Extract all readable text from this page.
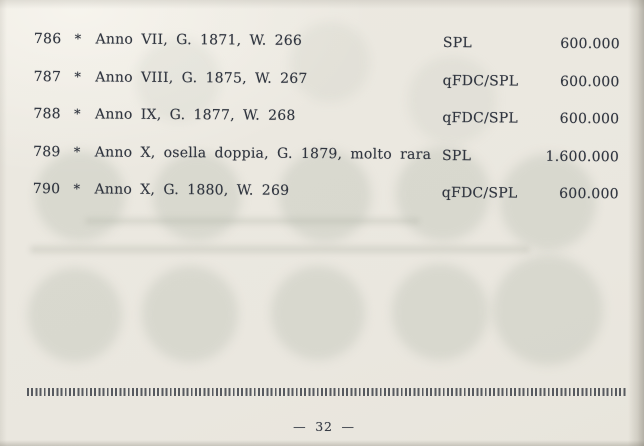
786 * Anno VII, G. 1871, W. 266	SPL	600.000
787 * Anno VIII, G. 1875, W. 267	qFDC/SPL	600.000
788 * Anno IX, G. 1877, W. 268	qFDC/SPL	600.000
789 * Anno X, osella doppia, G. 1879, molto rara SPL	1.600.000
790 * Anno X, G. 1880, W. 269	qFDC/SPL	600.000
— 32 —
